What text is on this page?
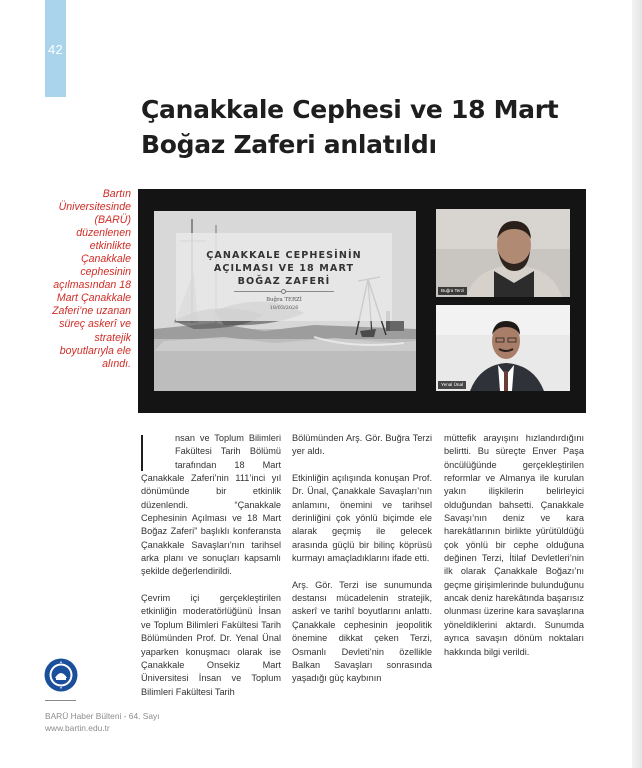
42
Çanakkale Cephesi ve 18 Mart
Boğaz Zaferi anlatıldı
Bartın Üniversitesinde (BARÜ) düzenlenen etkinlikte Çanakkale cephesinin açılmasından 18 Mart Çanakkale Zaferi’ne uzanan süreç askerî ve stratejik boyutlarıyla ele alındı.
ÇANAKKALE CEPHESİNİN
AÇILMASI VE 18 MART
BOĞAZ ZAFERİ
Buğra TERZİ
18/03/2026
Buğra Terzi
Yenal Ünal

nsan ve Toplum Bilimleri Fakültesi Tarih Bölümü tarafından 18 Mart Çanakkale Zaferi’nin 111’inci yıl dönümünde bir etkinlik düzenlendi. “Çanakkale Cephesinin Açılması ve 18 Mart Boğaz Zaferi” başlıklı konferansta Çanakkale Savaşları’nın tarihsel arka planı ve sonuçları kapsamlı şekilde değerlendirildi.

Çevrim içi gerçekleştirilen etkinliğin moderatörlüğünü İnsan ve Toplum Bilimleri Fakültesi Tarih Bölümünden Prof. Dr. Yenal Ünal yaparken konuşmacı olarak ise Çanakkale Onsekiz Mart Üniversitesi İnsan ve Toplum Bilimleri Fakültesi Tarih

Bölümünden Arş. Gör. Buğra Terzi yer aldı.

Etkinliğin açılışında konuşan Prof. Dr. Ünal, Çanakkale Savaşları’nın anlamını, önemini ve tarihsel derinliğini çok yönlü biçimde ele alarak geçmiş ile gelecek arasında güçlü bir bilinç köprüsü kurmayı amaçladıklarını ifade etti.

Arş. Gör. Terzi ise sunumunda destansı mücadelenin stratejik, askerî ve tarihî boyutlarını anlattı. Çanakkale cephesinin jeopolitik önemine dikkat çeken Terzi, Osmanlı Devleti’nin özellikle Balkan Savaşları sonrasında yaşadığı güç kaybının

müttefik arayışını hızlandırdığını belirtti. Bu süreçte Enver Paşa öncülüğünde gerçekleştirilen reformlar ve Almanya ile kurulan yakın ilişkilerin belirleyici olduğundan bahsetti. Çanakkale Savaşı’nın deniz ve kara harekâtlarının birlikte yürütüldüğü çok yönlü bir cephe olduğuna değinen Terzi, İtilaf Devletleri’nin ilk olarak Çanakkale Boğazı’nı geçme girişimlerinde bulunduğunu ancak deniz harekâtında başarısız olunması üzerine kara savaşlarına yöneldiklerini aktardı. Sunumda ayrıca savaşın dönüm noktaları hakkında bilgi verildi.

BARÜ Haber Bülteni - 64. Sayı
www.bartin.edu.tr
